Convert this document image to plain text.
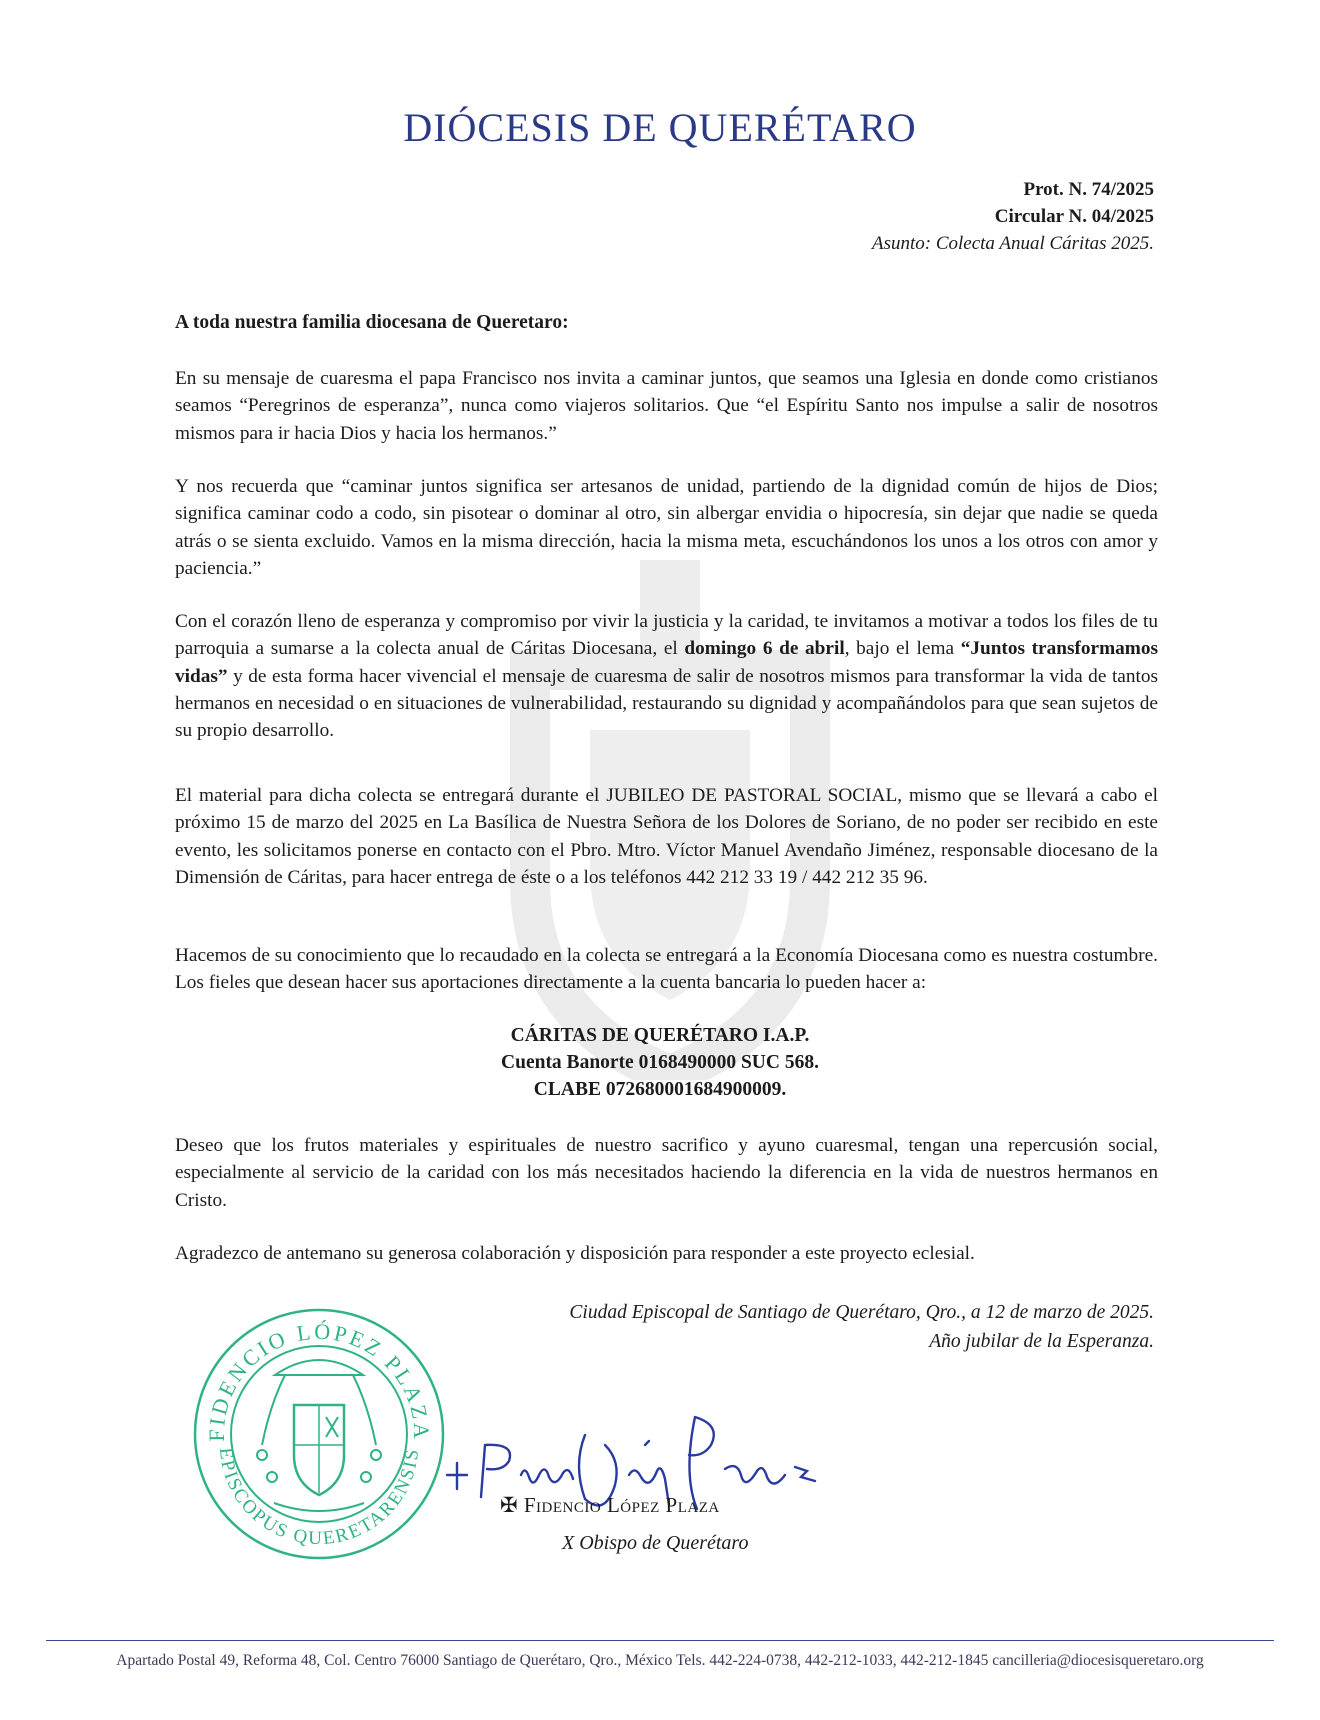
DIÓCESIS DE QUERÉTARO
Prot. N. 74/2025
Circular N. 04/2025
Asunto: Colecta Anual Cáritas 2025.
A toda nuestra familia diocesana de Queretaro:

En su mensaje de cuaresma el papa Francisco nos invita a caminar juntos, que seamos una Iglesia en donde como cristianos seamos “Peregrinos de esperanza”, nunca como viajeros solitarios. Que “el Espíritu Santo nos impulse a salir de nosotros mismos para ir hacia Dios y hacia los hermanos.”

Y nos recuerda que “caminar juntos significa ser artesanos de unidad, partiendo de la dignidad común de hijos de Dios; significa caminar codo a codo, sin pisotear o dominar al otro, sin albergar envidia o hipocresía, sin dejar que nadie se queda atrás o se sienta excluido. Vamos en la misma dirección, hacia la misma meta, escuchándonos los unos a los otros con amor y paciencia.”

Con el corazón lleno de esperanza y compromiso por vivir la justicia y la caridad, te invitamos a motivar a todos los files de tu parroquia a sumarse a la colecta anual de Cáritas Diocesana, el domingo 6 de abril, bajo el lema “Juntos transformamos vidas” y de esta forma hacer vivencial el mensaje de cuaresma de salir de nosotros mismos para transformar la vida de tantos hermanos en necesidad o en situaciones de vulnerabilidad, restaurando su dignidad y acompañándolos para que sean sujetos de su propio desarrollo.

El material para dicha colecta se entregará durante el JUBILEO DE PASTORAL SOCIAL, mismo que se llevará a cabo el próximo 15 de marzo del 2025 en La Basílica de Nuestra Señora de los Dolores de Soriano, de no poder ser recibido en este evento, les solicitamos ponerse en contacto con el Pbro. Mtro. Víctor Manuel Avendaño Jiménez, responsable diocesano de la Dimensión de Cáritas, para hacer entrega de éste o a los teléfonos 442 212 33 19 / 442 212 35 96.

Hacemos de su conocimiento que lo recaudado en la colecta se entregará a la Economía Diocesana como es nuestra costumbre. Los fieles que desean hacer sus aportaciones directamente a la cuenta bancaria lo pueden hacer a:

CÁRITAS DE QUERÉTARO I.A.P.
Cuenta Banorte 0168490000 SUC 568.
CLABE 072680001684900009.

Deseo que los frutos materiales y espirituales de nuestro sacrifico y ayuno cuaresmal, tengan una repercusión social, especialmente al servicio de la caridad con los más necesitados haciendo la diferencia en la vida de nuestros hermanos en Cristo.

Agradezco de antemano su generosa colaboración y disposición para responder a este proyecto eclesial.

Ciudad Episcopal de Santiago de Querétaro, Qro., a 12 de marzo de 2025.
Año jubilar de la Esperanza.
FIDENCIO LÓPEZ PLAZA
EPISCOPUS QUERETARENSIS
✠ Fidencio López Plaza
X Obispo de Querétaro
Apartado Postal 49, Reforma 48, Col. Centro 76000 Santiago de Querétaro, Qro., México Tels. 442-224-0738, 442-212-1033, 442-212-1845 cancilleria@diocesisqueretaro.org
